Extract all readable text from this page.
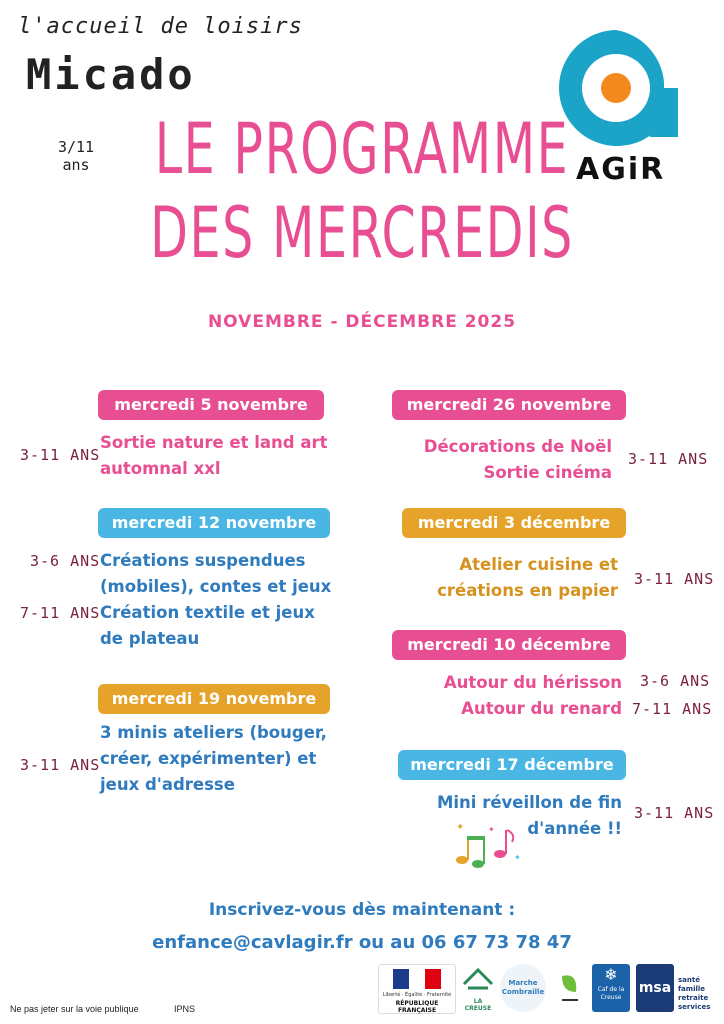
l'accueil de loisirs
Micado
3/11
ans	AGiR
LE PROGRAMME
DES MERCREDIS
NOVEMBRE - DÉCEMBRE 2025
mercredi 5 novembre
3-11 ANS
Sortie nature et land art
automnal xxl
mercredi 12 novembre
3-6 ANS
7-11 ANS
Créations suspendues
(mobiles), contes et jeux
Création textile et jeux
de plateau
mercredi 19 novembre
3-11 ANS
3 minis ateliers (bouger,
créer, expérimenter) et
jeux d'adresse
mercredi 26 novembre
3-11 ANS
Décorations de Noël
Sortie cinéma
mercredi 3 décembre
3-11 ANS
Atelier cuisine et
créations en papier
mercredi 10 décembre
3-6 ANS
7-11 ANS
Autour du hérisson
Autour du renard
mercredi 17 décembre
3-11 ANS
Mini réveillon de fin
d'année !!
✦	✦
✦
Inscrivez-vous dès maintenant :
enfance@cavlagir.fr ou au 06 67 73 78 47
Ne pas jeter sur la voie publique	IPNS
Liberté · Égalité · Fraternité
RÉPUBLIQUE FRANÇAISE
LA CREUSE
Marche Combraille
❄
Caf de la Creuse
msa santé
famille
retraite
services
